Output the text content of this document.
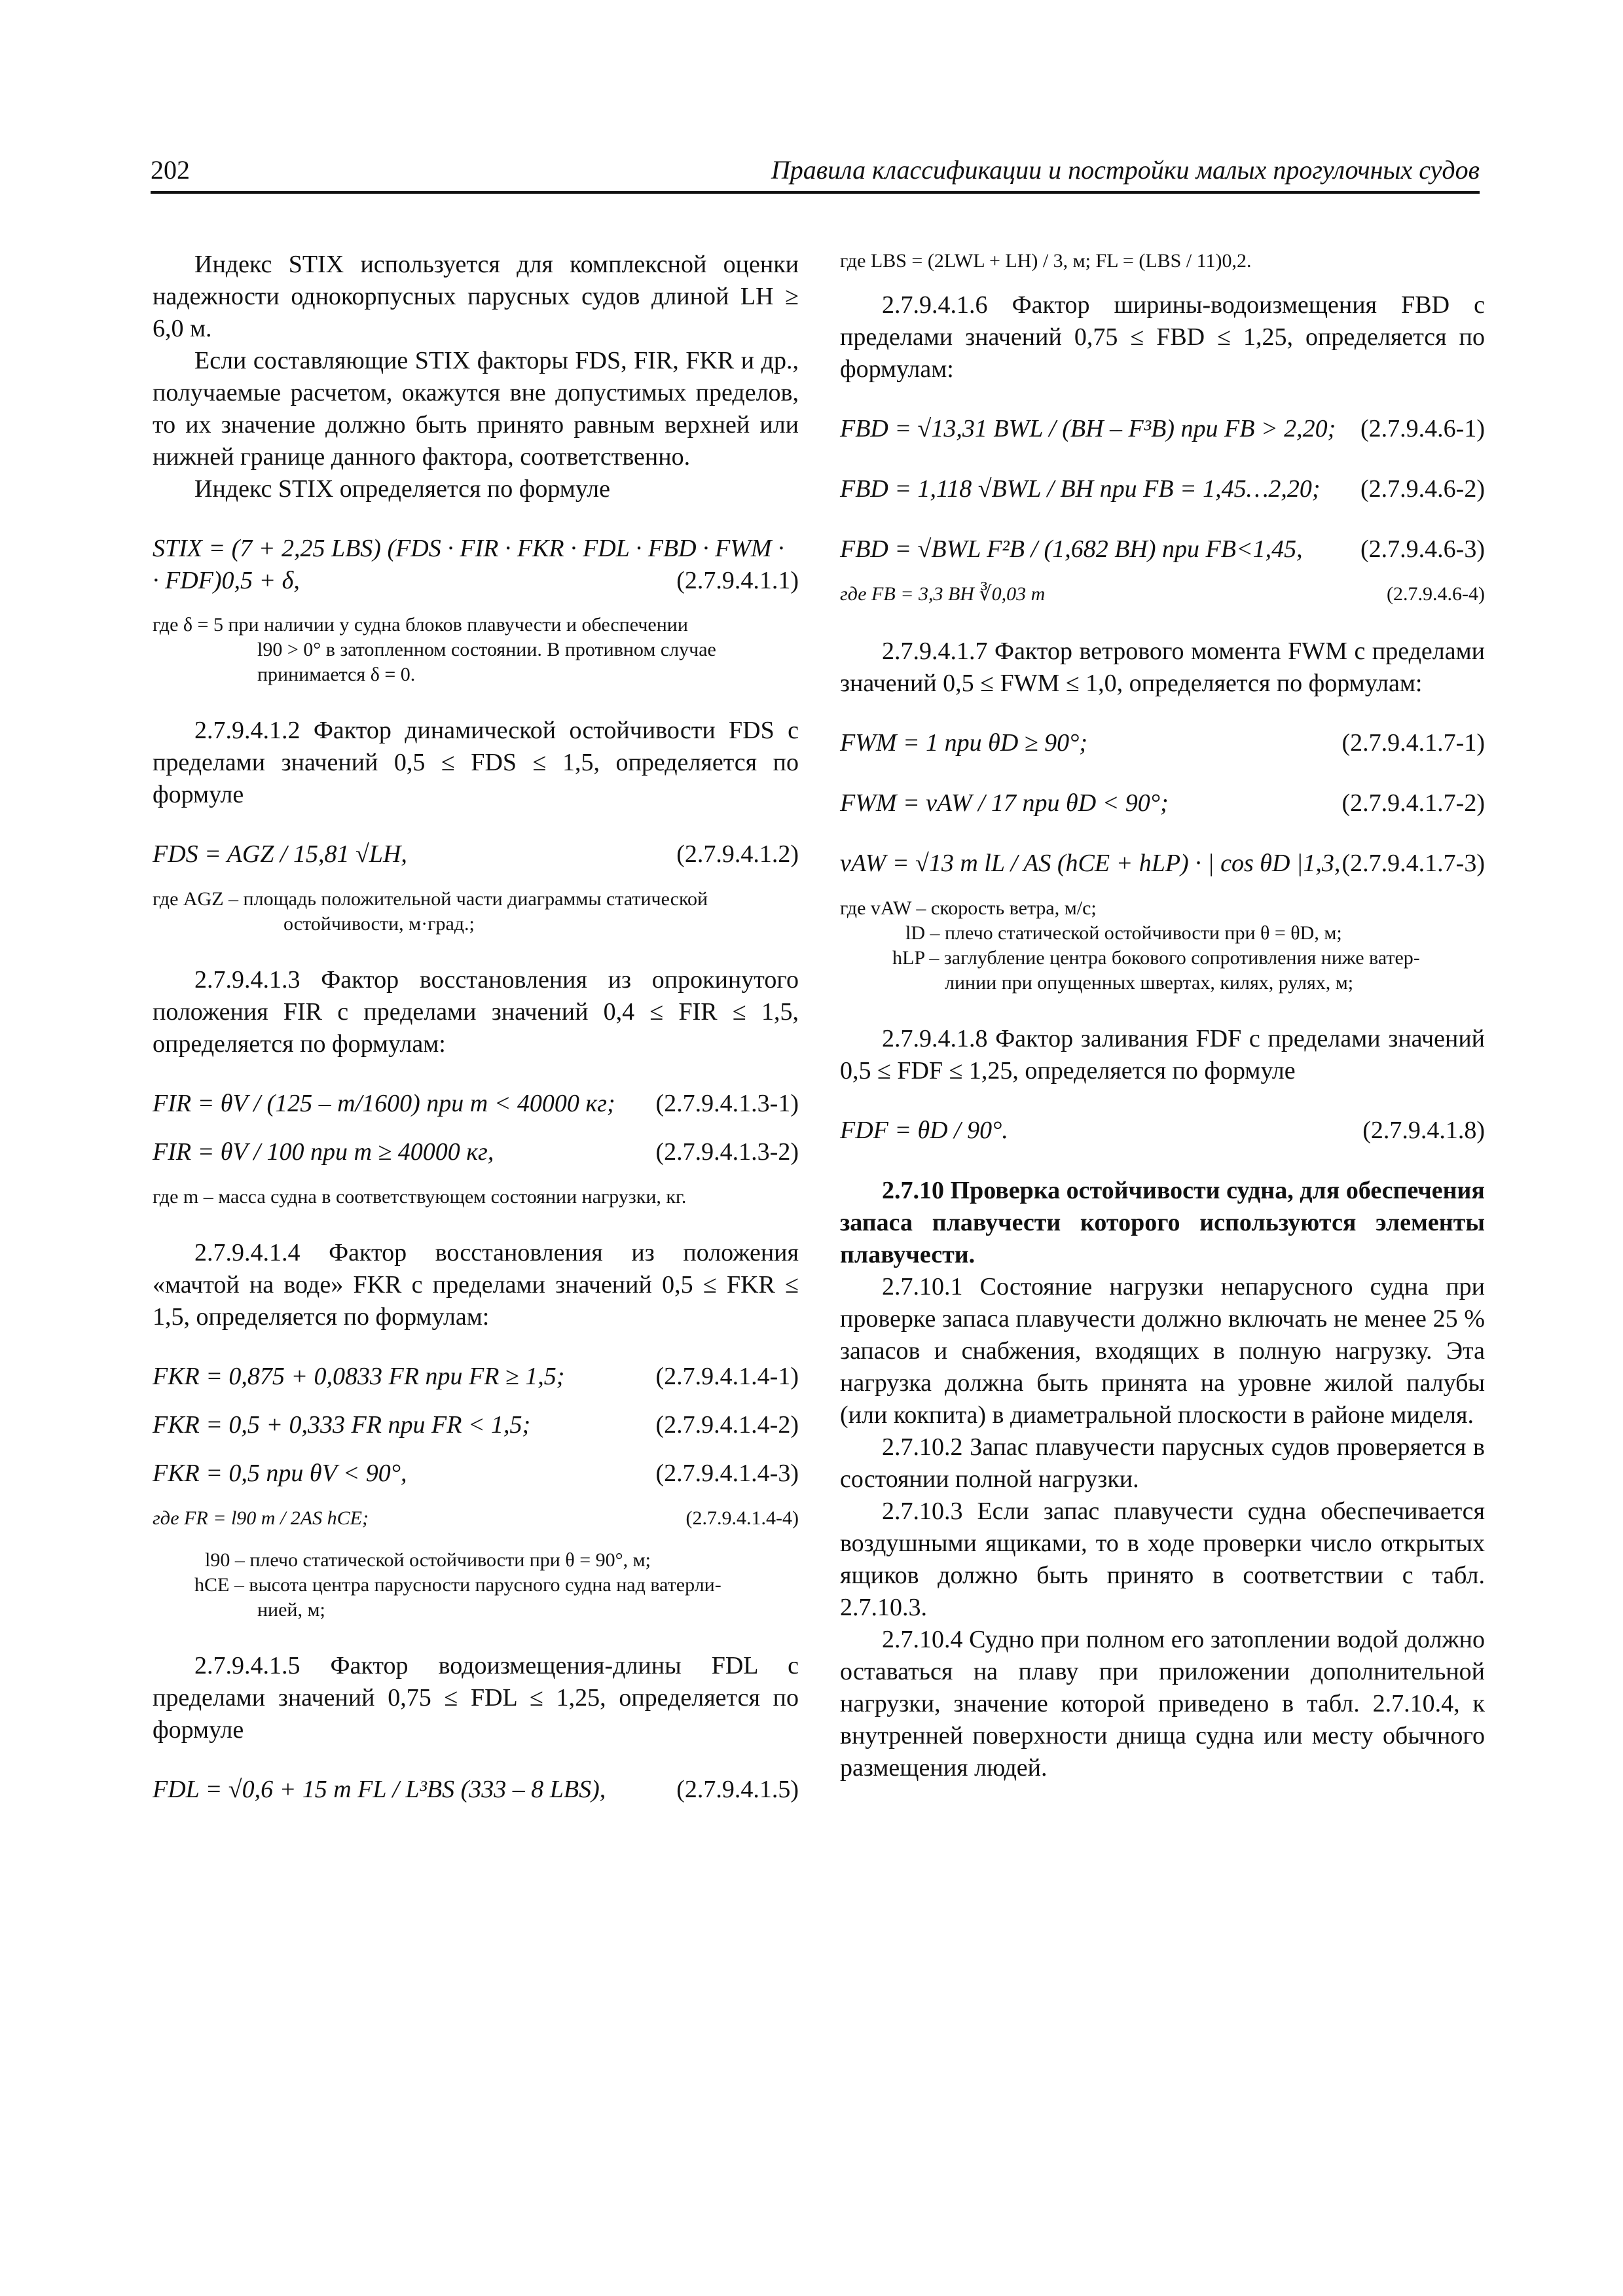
202	Правила классификации и постройки малых прогулочных судов

Индекс STIX используется для комплексной оценки надежности однокорпусных парусных судов длиной LH ≥ 6,0 м.

Если составляющие STIX факторы FDS, FIR, FKR и др., получаемые расчетом, окажутся вне допустимых пределов, то их значение должно быть принято равным верхней или нижней границе данного фактора, соответственно.

Индекс STIX определяется по формуле

STIX = (7 + 2,25 LBS) (FDS · FIR · FKR · FDL · FBD · FWM ·
· FDF)0,5 + δ,	(2.7.9.4.1.1)
где δ = 5 при наличии у судна блоков плавучести и обеспечении
l90 > 0° в затопленном состоянии. В противном случае
принимается δ = 0.

2.7.9.4.1.2 Фактор динамической остойчивости FDS с пределами значений 0,5 ≤ FDS ≤ 1,5, определяется по формуле

FDS = AGZ / 15,81 √LH,	(2.7.9.4.1.2)
где AGZ – площадь положительной части диаграммы статической
остойчивости, м·град.;

2.7.9.4.1.3 Фактор восстановления из опрокинутого положения FIR с пределами значений 0,4 ≤ FIR ≤ 1,5, определяется по формулам:

FIR = θV / (125 – m/1600) при m < 40000 кг; (2.7.9.4.1.3-1)
FIR = θV / 100 при m ≥ 40000 кг,	(2.7.9.4.1.3-2)
где m – масса судна в соответствующем состоянии нагрузки, кг.

2.7.9.4.1.4 Фактор восстановления из положения «мачтой на воде» FKR с пределами значений 0,5 ≤ FKR ≤ 1,5, определяется по формулам:

FKR = 0,875 + 0,0833 FR при FR ≥ 1,5;	(2.7.9.4.1.4-1)
FKR = 0,5 + 0,333 FR при FR < 1,5;	(2.7.9.4.1.4-2)
FKR = 0,5 при θV < 90°,	(2.7.9.4.1.4-3)
где FR = l90 m / 2AS hCE;	(2.7.9.4.1.4-4)
l90 – плечо статической остойчивости при θ = 90°, м;
hCE – высота центра парусности парусного судна над ватерли-
нией, м;

2.7.9.4.1.5 Фактор водоизмещения-длины FDL с пределами значений 0,75 ≤ FDL ≤ 1,25, определяется по формуле

FDL = √0,6 + 15 m FL / L³BS (333 – 8 LBS),	(2.7.9.4.1.5)
где LBS = (2LWL + LH) / 3, м; FL = (LBS / 11)0,2.

2.7.9.4.1.6 Фактор ширины-водоизмещения FBD с пределами значений 0,75 ≤ FBD ≤ 1,25, определяется по формулам:

FBD = √13,31 BWL / (BH – F³B) при FB > 2,20; (2.7.9.4.6-1)
FBD = 1,118 √BWL / BH при FB = 1,45…2,20; (2.7.9.4.6-2)
FBD = √BWL F²B / (1,682 BH) при FB<1,45, (2.7.9.4.6-3)
где FB = 3,3 BH ∛0,03 m	(2.7.9.4.6-4)

2.7.9.4.1.7 Фактор ветрового момента FWM с пределами значений 0,5 ≤ FWM ≤ 1,0, определяется по формулам:

FWM = 1 при θD ≥ 90°;	(2.7.9.4.1.7-1)
FWM = vAW / 17 при θD < 90°;	(2.7.9.4.1.7-2)
vAW = √13 m lL / AS (hCE + hLP) · | cos θD |1,3, (2.7.9.4.1.7-3)
где vAW – скорость ветра, м/с;
lD – плечо статической остойчивости при θ = θD, м;
hLP – заглубление центра бокового сопротивления ниже ватер-
линии при опущенных швертах, килях, рулях, м;

2.7.9.4.1.8 Фактор заливания FDF с пределами значений 0,5 ≤ FDF ≤ 1,25, определяется по формуле

FDF = θD / 90°.	(2.7.9.4.1.8)

2.7.10 Проверка остойчивости судна, для обеспечения запаса плавучести которого используются элементы плавучести.

2.7.10.1 Состояние нагрузки непарусного судна при проверке запаса плавучести должно включать не менее 25 % запасов и снабжения, входящих в полную нагрузку. Эта нагрузка должна быть принята на уровне жилой палубы (или кокпита) в диаметральной плоскости в районе миделя.

2.7.10.2 Запас плавучести парусных судов проверяется в состоянии полной нагрузки.

2.7.10.3 Если запас плавучести судна обеспечивается воздушными ящиками, то в ходе проверки число открытых ящиков должно быть принято в соответствии с табл. 2.7.10.3.

2.7.10.4 Судно при полном его затоплении водой должно оставаться на плаву при приложении дополнительной нагрузки, значение которой приведено в табл. 2.7.10.4, к внутренней поверхности днища судна или месту обычного размещения людей.
